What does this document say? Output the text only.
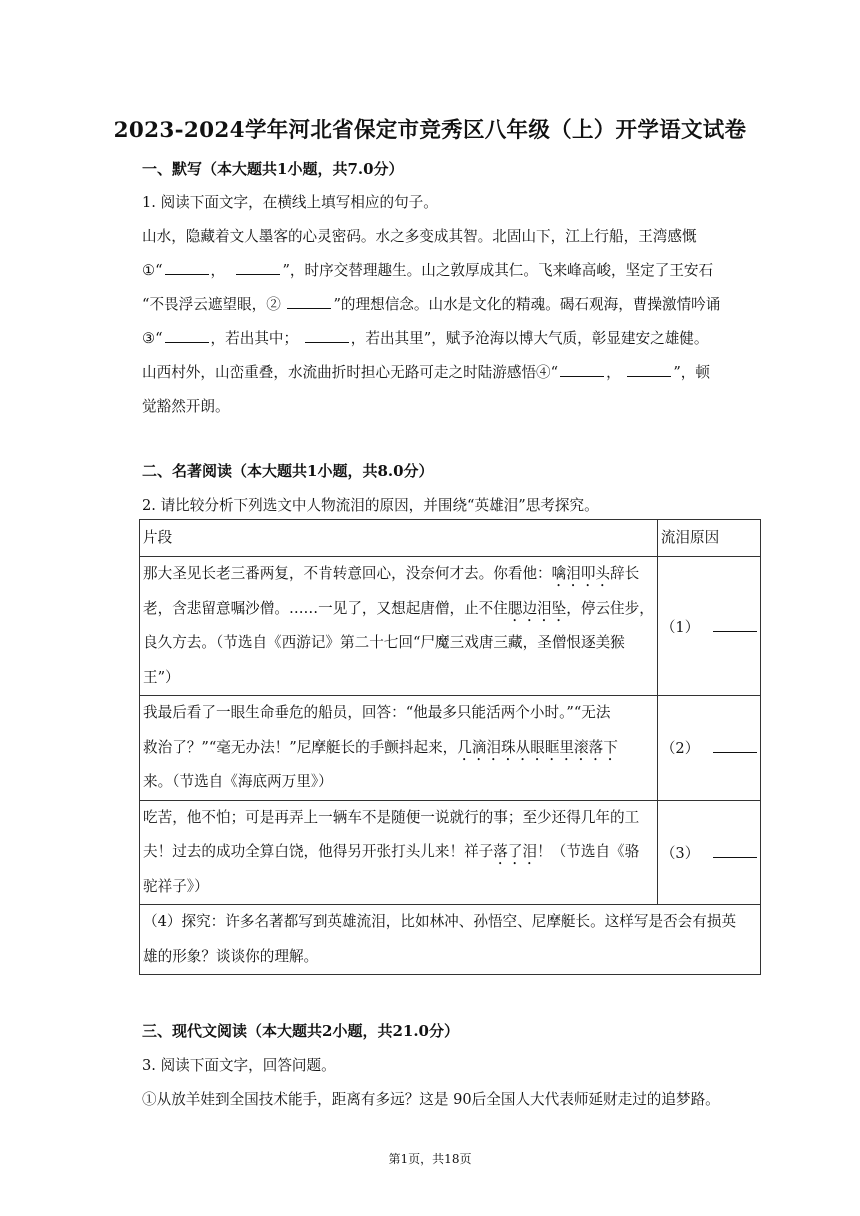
2023-2024学年河北省保定市竞秀区八年级（上）开学语文试卷
一、默写（本大题共1小题，共7.0分）
1. 阅读下面文字，在横线上填写相应的句子。
山水，隐藏着文人墨客的心灵密码。水之多变成其智。北固山下，江上行船，王湾感慨
①“	，	”，时序交替理趣生。山之敦厚成其仁。飞来峰高峻，坚定了王安石
“不畏浮云遮望眼，②	”的理想信念。山水是文化的精魂。碣石观海，曹操激情吟诵
③“	，若出其中；	，若出其里”，赋予沧海以博大气质，彰显建安之雄健。
山西村外，山峦重叠，水流曲折时担心无路可走之时陆游感悟④“	，	”，顿
觉豁然开朗。
二、名著阅读（本大题共1小题，共8.0分）
2. 请比较分析下列选文中人物流泪的原因，并围绕“英雄泪”思考探究。

片段	流泪原因

那大圣见长老三番两复，不肯转意回心，没奈何才去。你看他：噙泪叩头辞长

老，含悲留意嘱沙僧。……一见了，又想起唐僧，止不住腮边泪坠，停云住步，

良久方去。（节选自《西游记》第二十七回“尸魔三戏唐三藏，圣僧恨逐美猴

王”）	（1）

我最后看了一眼生命垂危的船员，回答：“他最多只能活两个小时。”“无法

救治了？”“毫无办法！”尼摩艇长的手颤抖起来，几滴泪珠从眼眶里滚落下

来。（节选自《海底两万里》）	（2）

吃苦，他不怕；可是再弄上一辆车不是随便一说就行的事；至少还得几年的工

夫！过去的成功全算白饶，他得另开张打头儿来！祥子落了泪！（节选自《骆

驼祥子》）	（3）

（4）探究：许多名著都写到英雄流泪，比如林冲、孙悟空、尼摩艇长。这样写是否会有损英

雄的形象？谈谈你的理解。	

三、现代文阅读（本大题共2小题，共21.0分）
3. 阅读下面文字，回答问题。
①从放羊娃到全国技术能手，距离有多远？这是 90后全国人大代表师延财走过的追梦路。
第1页，共18页
